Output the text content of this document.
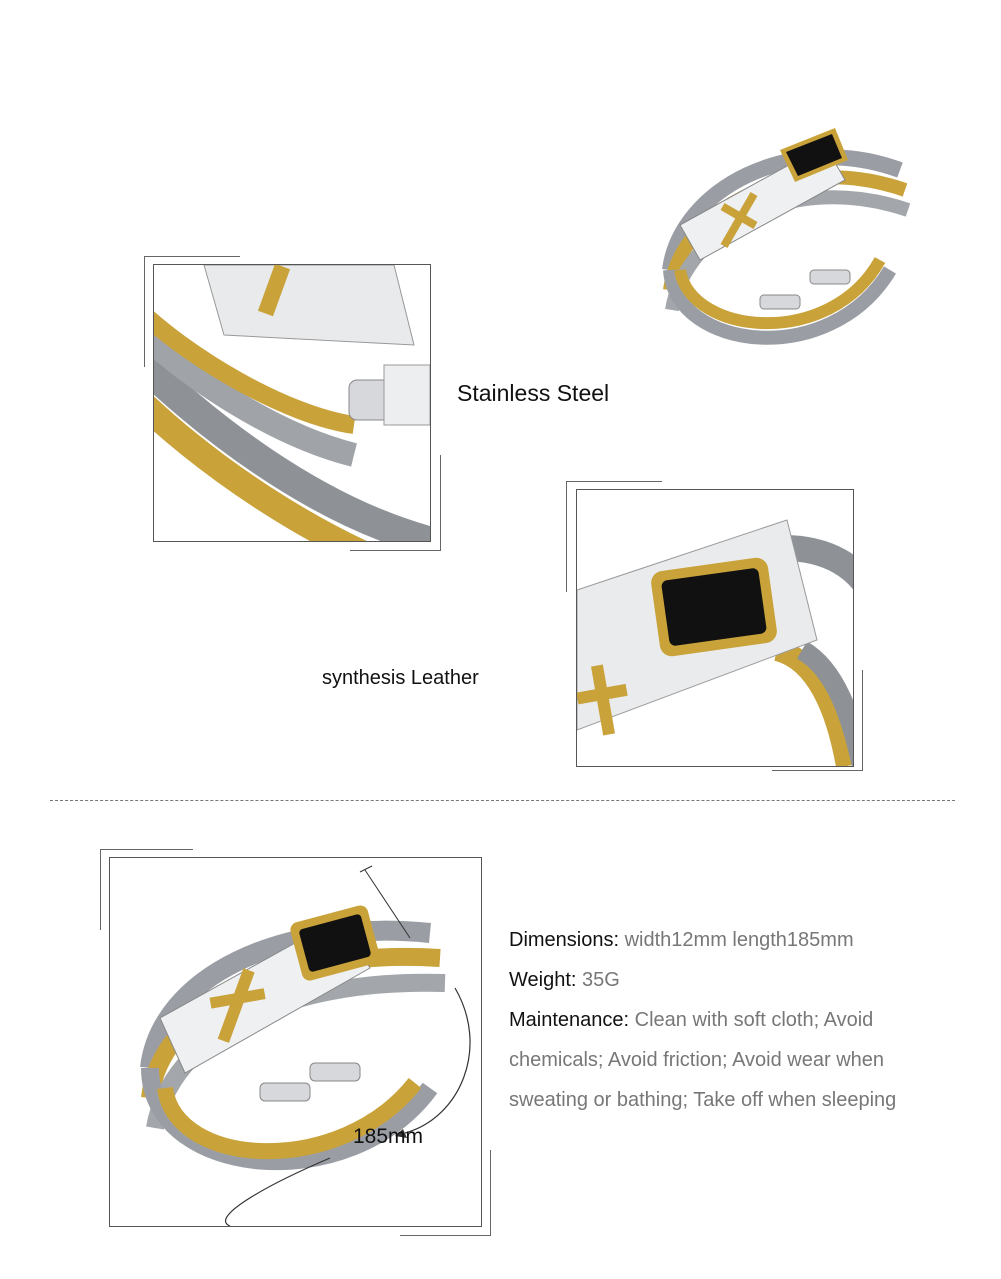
Stainless Steel
synthesis Leather
185mm
Dimensions: width12mm length185mm
Weight: 35G
Maintenance: Clean with soft cloth; Avoid chemicals; Avoid friction; Avoid wear when sweating or bathing; Take off when sleeping
